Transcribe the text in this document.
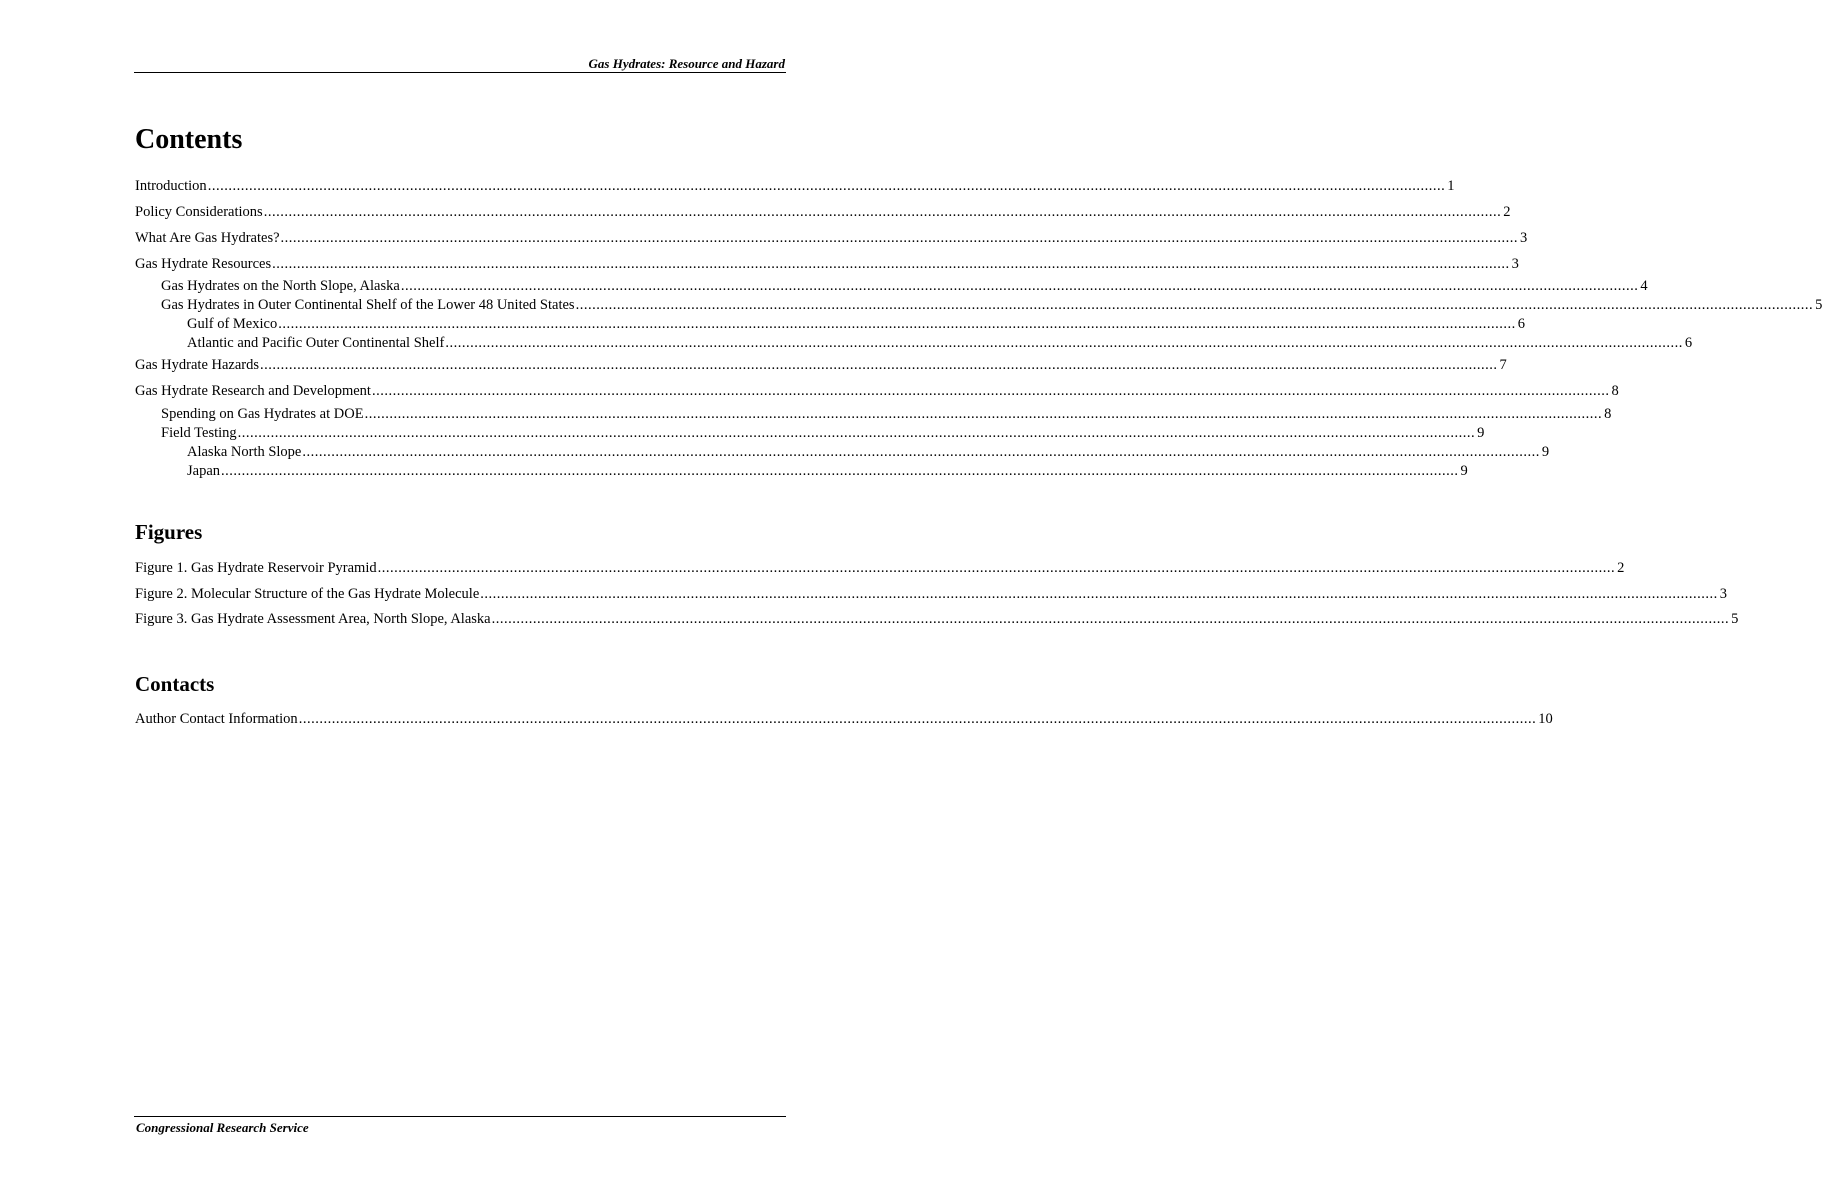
Gas Hydrates: Resource and Hazard
Contents
Introduction ............................................................................................................................................................................................................................................................................................................ 1
Policy Considerations ............................................................................................................................................................................................................................................................................................................ 2
What Are Gas Hydrates? ............................................................................................................................................................................................................................................................................................................ 3
Gas Hydrate Resources ............................................................................................................................................................................................................................................................................................................ 3
Gas Hydrates on the North Slope, Alaska ............................................................................................................................................................................................................................................................................................................ 4
Gas Hydrates in Outer Continental Shelf of the Lower 48 United States ............................................................................................................................................................................................................................................................................................................ 5
Gulf of Mexico ............................................................................................................................................................................................................................................................................................................ 6
Atlantic and Pacific Outer Continental Shelf ............................................................................................................................................................................................................................................................................................................ 6
Gas Hydrate Hazards ............................................................................................................................................................................................................................................................................................................ 7
Gas Hydrate Research and Development ............................................................................................................................................................................................................................................................................................................ 8
Spending on Gas Hydrates at DOE ............................................................................................................................................................................................................................................................................................................ 8
Field Testing ............................................................................................................................................................................................................................................................................................................ 9
Alaska North Slope ............................................................................................................................................................................................................................................................................................................ 9
Japan ............................................................................................................................................................................................................................................................................................................ 9
Figures
Figure 1. Gas Hydrate Reservoir Pyramid ............................................................................................................................................................................................................................................................................................................ 2
Figure 2. Molecular Structure of the Gas Hydrate Molecule ............................................................................................................................................................................................................................................................................................................ 3
Figure 3. Gas Hydrate Assessment Area, North Slope, Alaska ............................................................................................................................................................................................................................................................................................................ 5
Contacts
Author Contact Information ............................................................................................................................................................................................................................................................................................................ 10
Congressional Research Service
